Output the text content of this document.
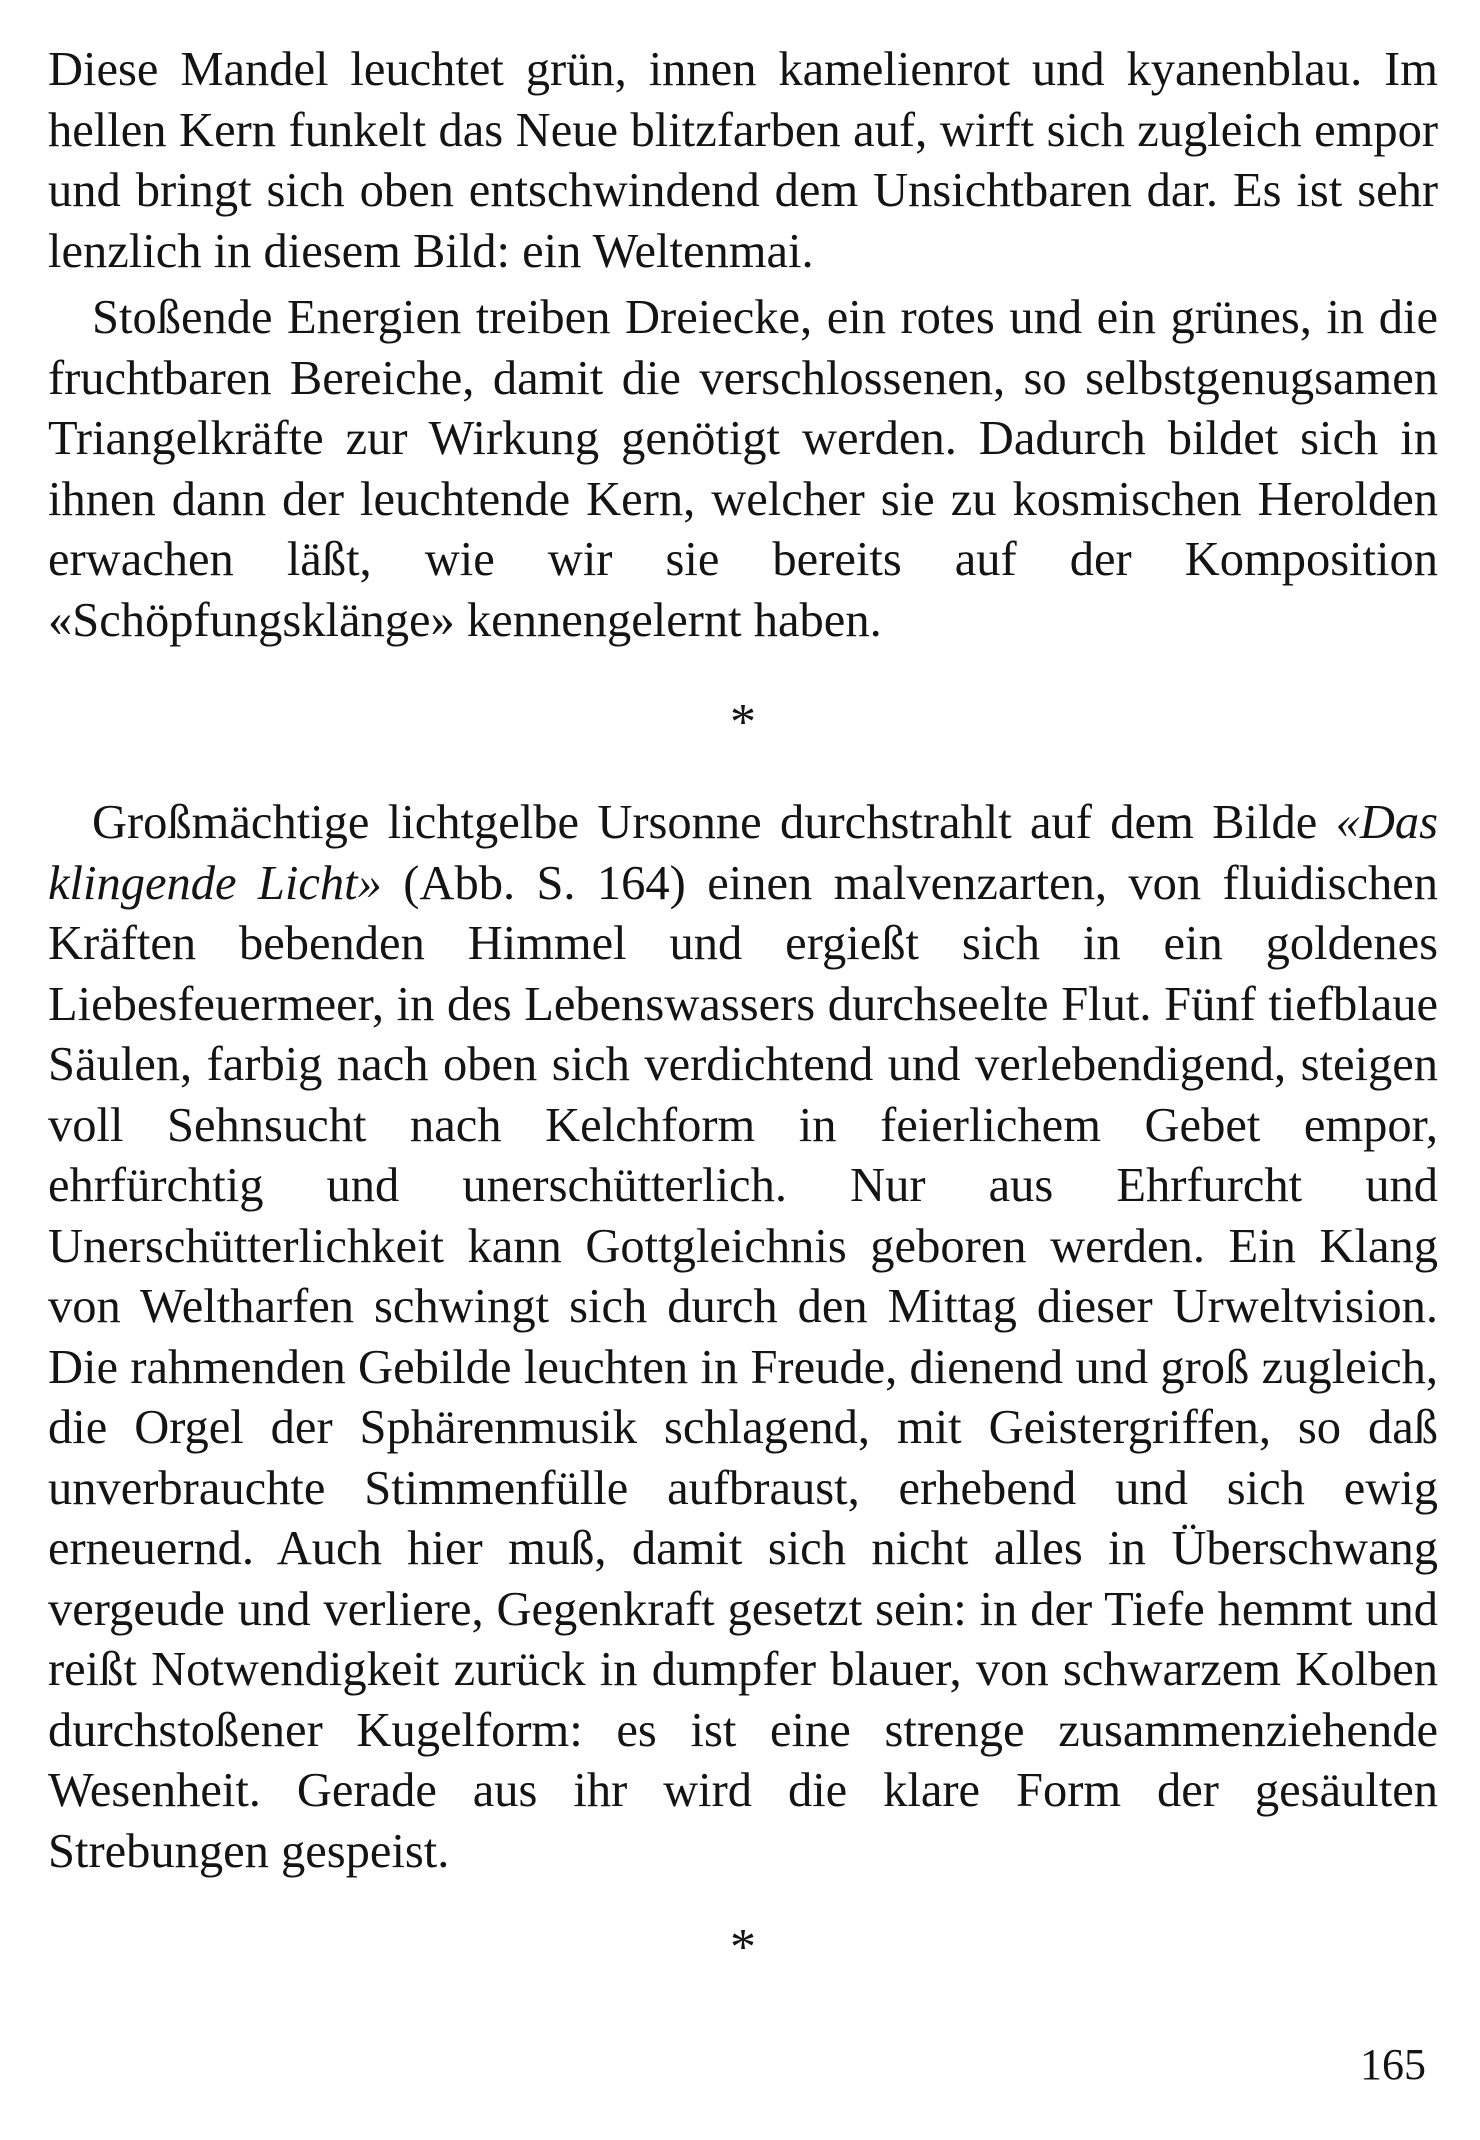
Diese Mandel leuchtet grün, innen kamelienrot und kyanenblau. Im hellen Kern funkelt das Neue blitzfarben auf, wirft sich zugleich empor und bringt sich oben entschwindend dem Unsichtbaren dar. Es ist sehr lenzlich in diesem Bild: ein Weltenmai.

Stoßende Energien treiben Dreiecke, ein rotes und ein grünes, in die fruchtbaren Bereiche, damit die verschlossenen, so selbstgenugsamen Triangelkräfte zur Wirkung genötigt werden. Dadurch bildet sich in ihnen dann der leuchtende Kern, welcher sie zu kosmischen Herolden erwachen läßt, wie wir sie bereits auf der Komposition «Schöpfungsklänge» kennengelernt haben.

*

Großmächtige lichtgelbe Ursonne durchstrahlt auf dem Bilde «Das klingende Licht» (Abb. S. 164) einen malvenzarten, von fluidischen Kräften bebenden Himmel und ergießt sich in ein goldenes Liebesfeuermeer, in des Lebenswassers durchseelte Flut. Fünf tiefblaue Säulen, farbig nach oben sich verdichtend und verlebendigend, steigen voll Sehnsucht nach Kelchform in feierlichem Gebet empor, ehrfürchtig und unerschütterlich. Nur aus Ehrfurcht und Unerschütterlichkeit kann Gottgleichnis geboren werden. Ein Klang von Weltharfen schwingt sich durch den Mittag dieser Urweltvision. Die rahmenden Gebilde leuchten in Freude, dienend und groß zugleich, die Orgel der Sphärenmusik schlagend, mit Geistergriffen, so daß unverbrauchte Stimmenfülle aufbraust, erhebend und sich ewig erneuernd. Auch hier muß, damit sich nicht alles in Überschwang vergeude und verliere, Gegenkraft gesetzt sein: in der Tiefe hemmt und reißt Notwendigkeit zurück in dumpfer blauer, von schwarzem Kolben durchstoßener Kugelform: es ist eine strenge zusammenziehende Wesenheit. Gerade aus ihr wird die klare Form der gesäulten Strebungen gespeist.

*
165
